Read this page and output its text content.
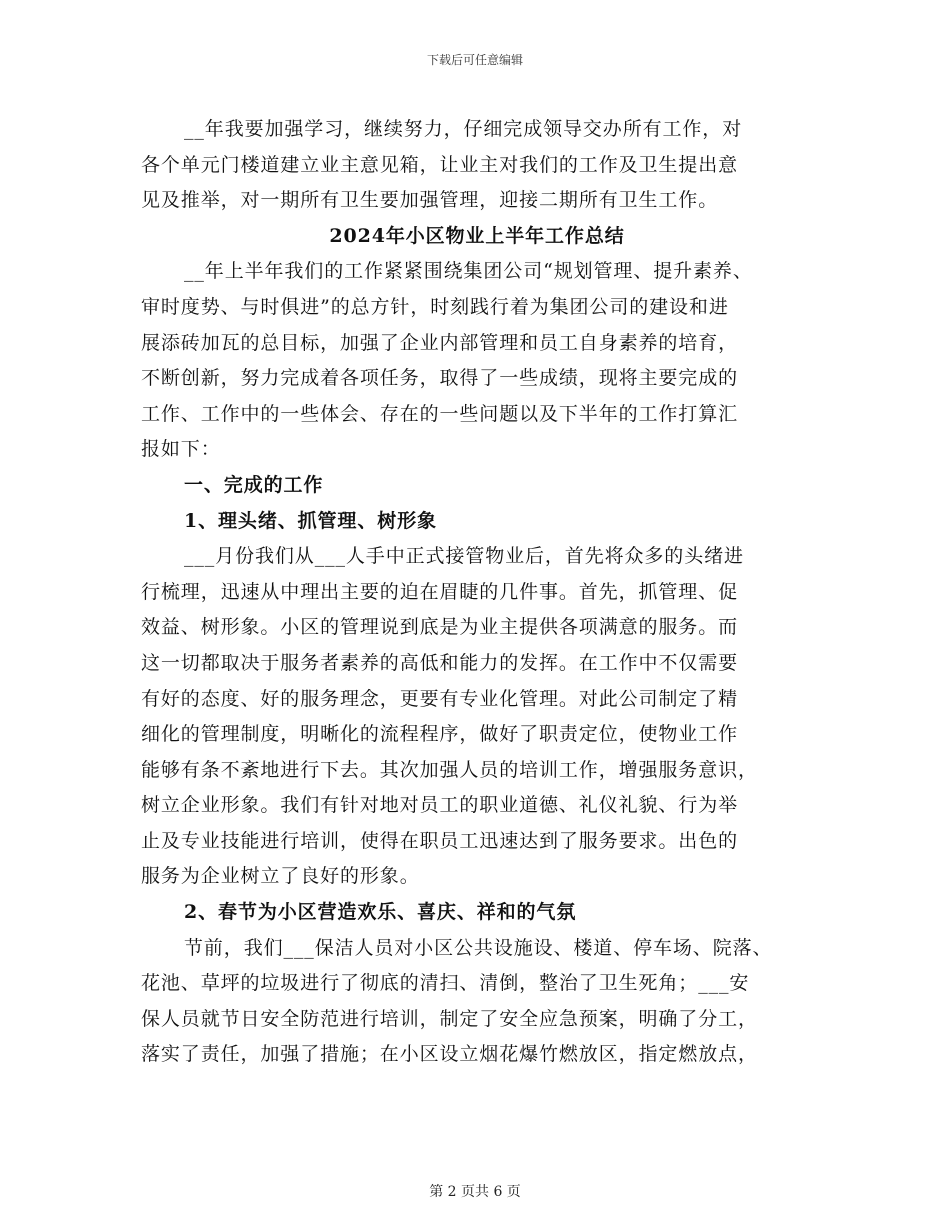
下载后可任意编辑
__年我要加强学习，继续努力，仔细完成领导交办所有工作，对
各个单元门楼道建立业主意见箱，让业主对我们的工作及卫生提出意
见及推举，对一期所有卫生要加强管理，迎接二期所有卫生工作。
2024年小区物业上半年工作总结
__年上半年我们的工作紧紧围绕集团公司“规划管理、提升素养、
审时度势、与时俱进”的总方针，时刻践行着为集团公司的建设和进
展添砖加瓦的总目标，加强了企业内部管理和员工自身素养的培育，
不断创新，努力完成着各项任务，取得了一些成绩，现将主要完成的
工作、工作中的一些体会、存在的一些问题以及下半年的工作打算汇
报如下：
一、完成的工作
1、理头绪、抓管理、树形象
___月份我们从___人手中正式接管物业后，首先将众多的头绪进
行梳理，迅速从中理出主要的迫在眉睫的几件事。首先，抓管理、促
效益、树形象。小区的管理说到底是为业主提供各项满意的服务。而
这一切都取决于服务者素养的高低和能力的发挥。在工作中不仅需要
有好的态度、好的服务理念，更要有专业化管理。对此公司制定了精
细化的管理制度，明晰化的流程程序，做好了职责定位，使物业工作
能够有条不紊地进行下去。其次加强人员的培训工作，增强服务意识，
树立企业形象。我们有针对地对员工的职业道德、礼仪礼貌、行为举
止及专业技能进行培训，使得在职员工迅速达到了服务要求。出色的
服务为企业树立了良好的形象。
2、春节为小区营造欢乐、喜庆、祥和的气氛
节前，我们___保洁人员对小区公共设施设、楼道、停车场、院落、
花池、草坪的垃圾进行了彻底的清扫、清倒，整治了卫生死角；___安
保人员就节日安全防范进行培训，制定了安全应急预案，明确了分工，
落实了责任，加强了措施；在小区设立烟花爆竹燃放区，指定燃放点，
第 2 页共 6 页
